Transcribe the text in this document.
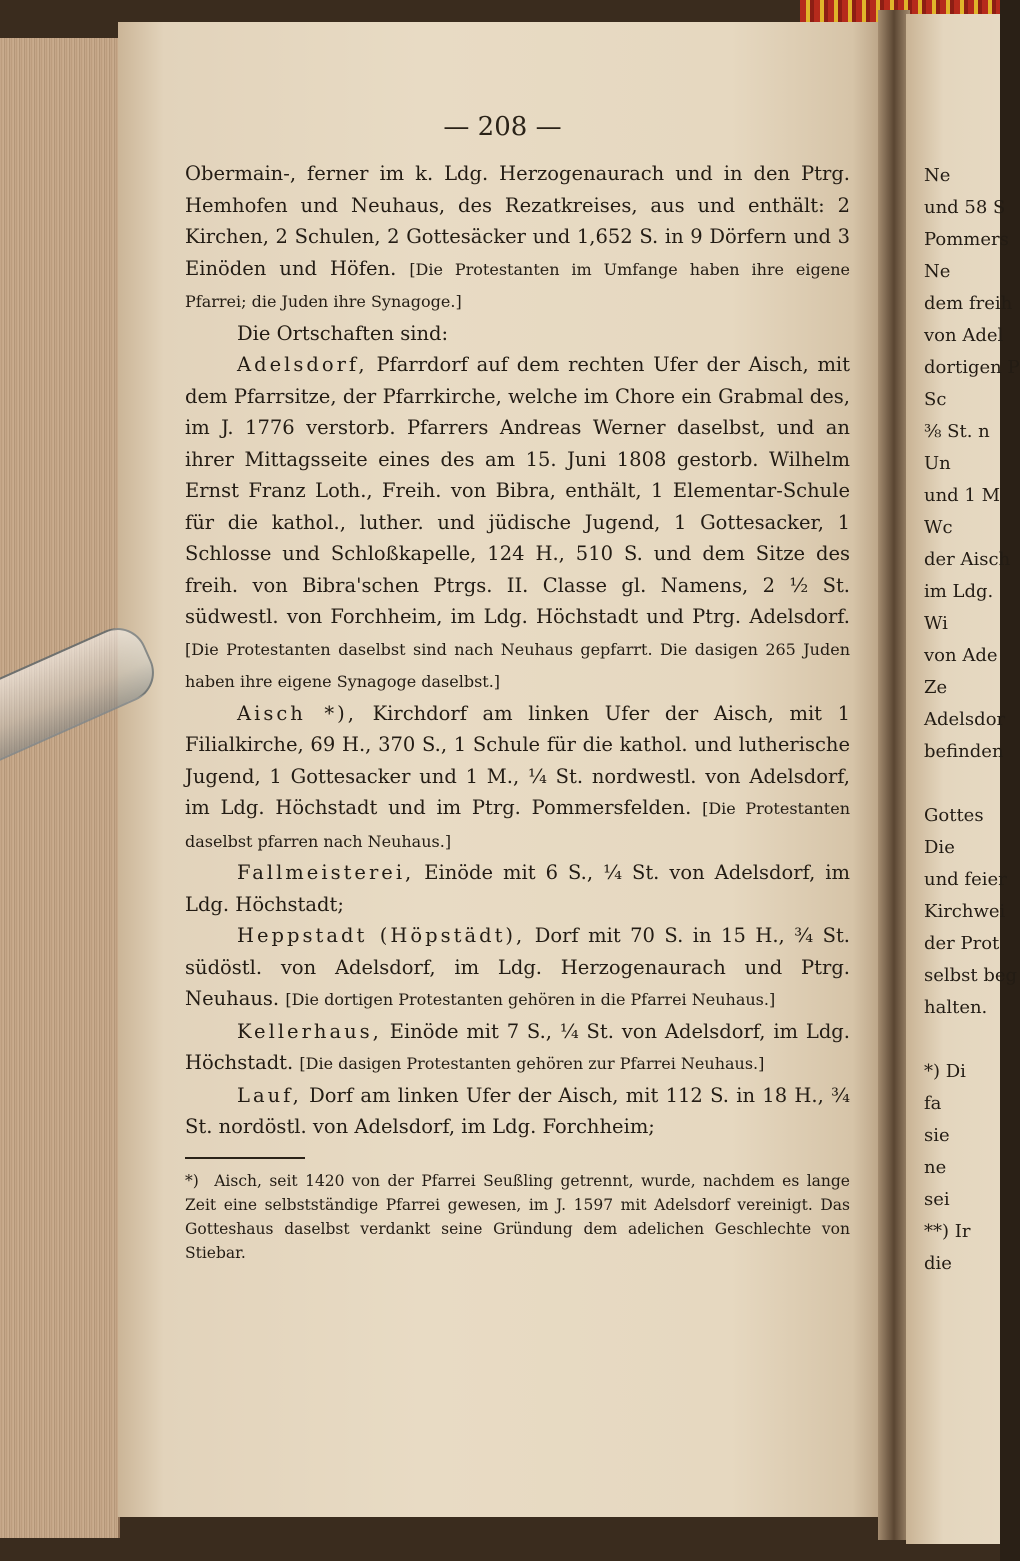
— 208 —

Obermain-, ferner im k. Ldg. Herzogenaurach und in den Ptrg. Hemhofen und Neuhaus, des Rezatkreises, aus und enthält: 2 Kirchen, 2 Schulen, 2 Gottesäcker und 1,652 S. in 9 Dörfern und 3 Einöden und Höfen. [Die Protestanten im Umfange haben ihre eigene Pfarrei; die Juden ihre Synagoge.]

Die Ortschaften sind:

Adelsdorf, Pfarrdorf auf dem rechten Ufer der Aisch, mit dem Pfarrsitze, der Pfarrkirche, welche im Chore ein Grabmal des, im J. 1776 verstorb. Pfarrers Andreas Werner daselbst, und an ihrer Mittagsseite eines des am 15. Juni 1808 gestorb. Wilhelm Ernst Franz Loth., Freih. von Bibra, enthält, 1 Elementar-Schule für die kathol., luther. und jüdische Jugend, 1 Gottesacker, 1 Schlosse und Schloßkapelle, 124 H., 510 S. und dem Sitze des freih. von Bibra'schen Ptrgs. II. Classe gl. Namens, 2 ½ St. südwestl. von Forchheim, im Ldg. Höchstadt und Ptrg. Adelsdorf. [Die Protestanten daselbst sind nach Neuhaus gepfarrt. Die dasigen 265 Juden haben ihre eigene Synagoge daselbst.]

Aisch *), Kirchdorf am linken Ufer der Aisch, mit 1 Filialkirche, 69 H., 370 S., 1 Schule für die kathol. und lutherische Jugend, 1 Gottesacker und 1 M., ¼ St. nordwestl. von Adelsdorf, im Ldg. Höchstadt und im Ptrg. Pommersfelden. [Die Protestanten daselbst pfarren nach Neuhaus.]

Fallmeisterei, Einöde mit 6 S., ¼ St. von Adelsdorf, im Ldg. Höchstadt;

Heppstadt (Höpstädt), Dorf mit 70 S. in 15 H., ¾ St. südöstl. von Adelsdorf, im Ldg. Herzogenaurach und Ptrg. Neuhaus. [Die dortigen Protestanten gehören in die Pfarrei Neuhaus.]

Kellerhaus, Einöde mit 7 S., ¼ St. von Adelsdorf, im Ldg. Höchstadt. [Die dasigen Protestanten gehören zur Pfarrei Neuhaus.]

Lauf, Dorf am linken Ufer der Aisch, mit 112 S. in 18 H., ¾ St. nordöstl. von Adelsdorf, im Ldg. Forchheim;

*) Aisch, seit 1420 von der Pfarrei Seußling getrennt, wurde, nachdem es lange Zeit eine selbstständige Pfarrei gewesen, im J. 1597 mit Adelsdorf vereinigt. Das Gotteshaus daselbst verdankt seine Gründung dem adelichen Geschlechte von Stiebar.

Ne
und 58 S
Pommers
Ne
dem freih
von Adel
dortigen P
Sc
⅜ St. n
Un
und 1 M
Wc
der Aisch
im Ldg.
Wi
von Ade
Ze
Adelsdor
befinden

Gottes
Die
und feier
Kirchwei
der Prot
selbst beg
halten.

*) Di
fa
sie
ne
sei
**) Ir
die
